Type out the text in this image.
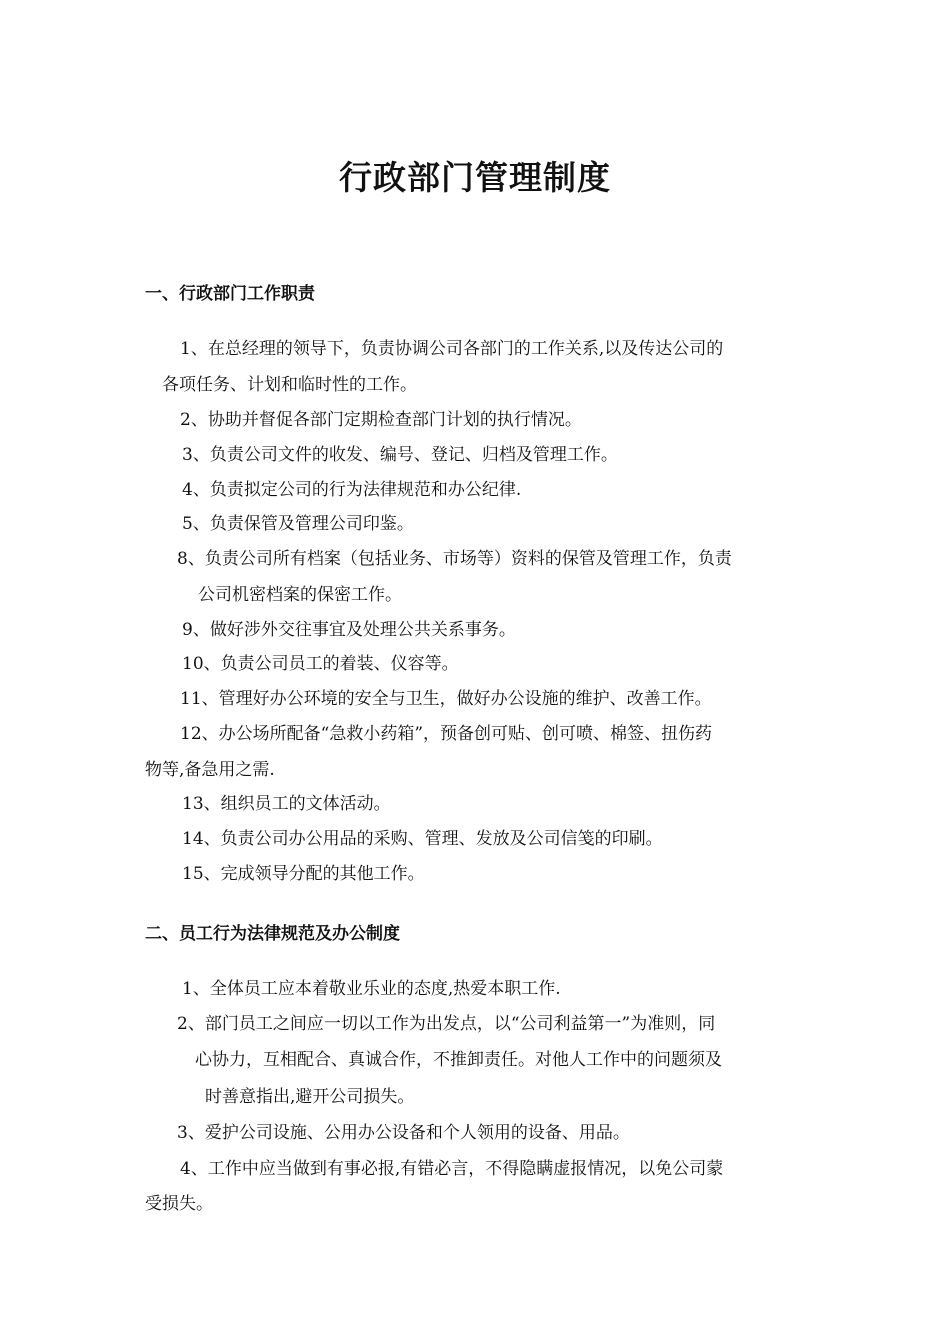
行政部门管理制度
一、行政部门工作职责
1、在总经理的领导下，负责协调公司各部门的工作关系,以及传达公司的
各项任务、计划和临时性的工作。
2、协助并督促各部门定期检查部门计划的执行情况。
3、负责公司文件的收发、编号、登记、归档及管理工作。
4、负责拟定公司的行为法律规范和办公纪律.
5、负责保管及管理公司印鉴。
8、负责公司所有档案（包括业务、市场等）资料的保管及管理工作，负责
公司机密档案的保密工作。
9、做好涉外交往事宜及处理公共关系事务。
10、负责公司员工的着装、仪容等。
11、管理好办公环境的安全与卫生，做好办公设施的维护、改善工作。
12、办公场所配备“急救小药箱”，预备创可贴、创可喷、棉签、扭伤药
物等,备急用之需.
13、组织员工的文体活动。
14、负责公司办公用品的采购、管理、发放及公司信笺的印刷。
15、完成领导分配的其他工作。
二、员工行为法律规范及办公制度
1、全体员工应本着敬业乐业的态度,热爱本职工作.
2、部门员工之间应一切以工作为出发点，以“公司利益第一”为准则，同
心协力，互相配合、真诚合作，不推卸责任。对他人工作中的问题须及
时善意指出,避开公司损失。
3、爱护公司设施、公用办公设备和个人领用的设备、用品。
4、工作中应当做到有事必报,有错必言，不得隐瞒虚报情况，以免公司蒙
受损失。
